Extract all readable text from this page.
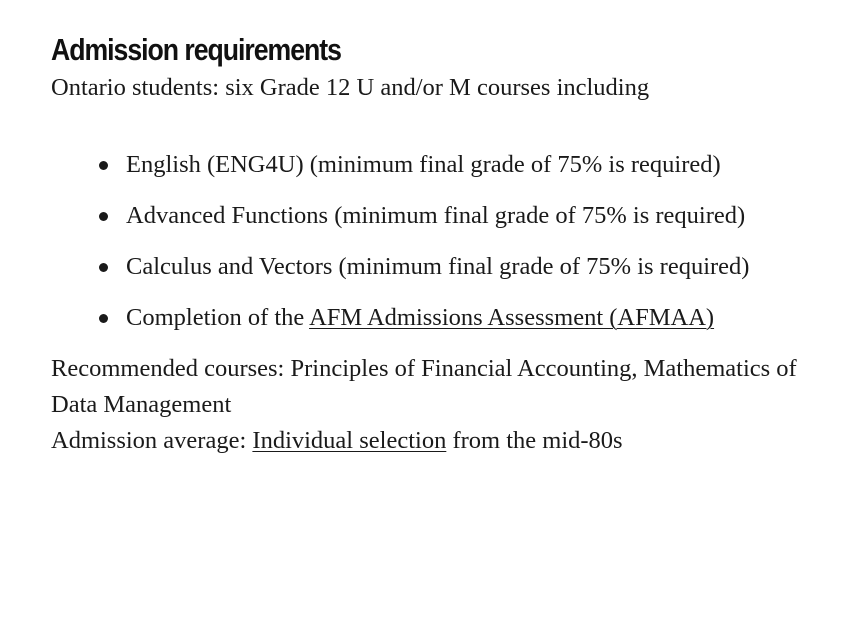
Admission requirements

Ontario students: six Grade 12 U and/or M courses including

English (ENG4U) (minimum final grade of 75% is required)
Advanced Functions (minimum final grade of 75% is required)
Calculus and Vectors (minimum final grade of 75% is required)
Completion of the AFM Admissions Assessment (AFMAA)

Recommended courses: Principles of Financial Accounting, Mathematics of Data Management

Admission average: Individual selection from the mid-80s
